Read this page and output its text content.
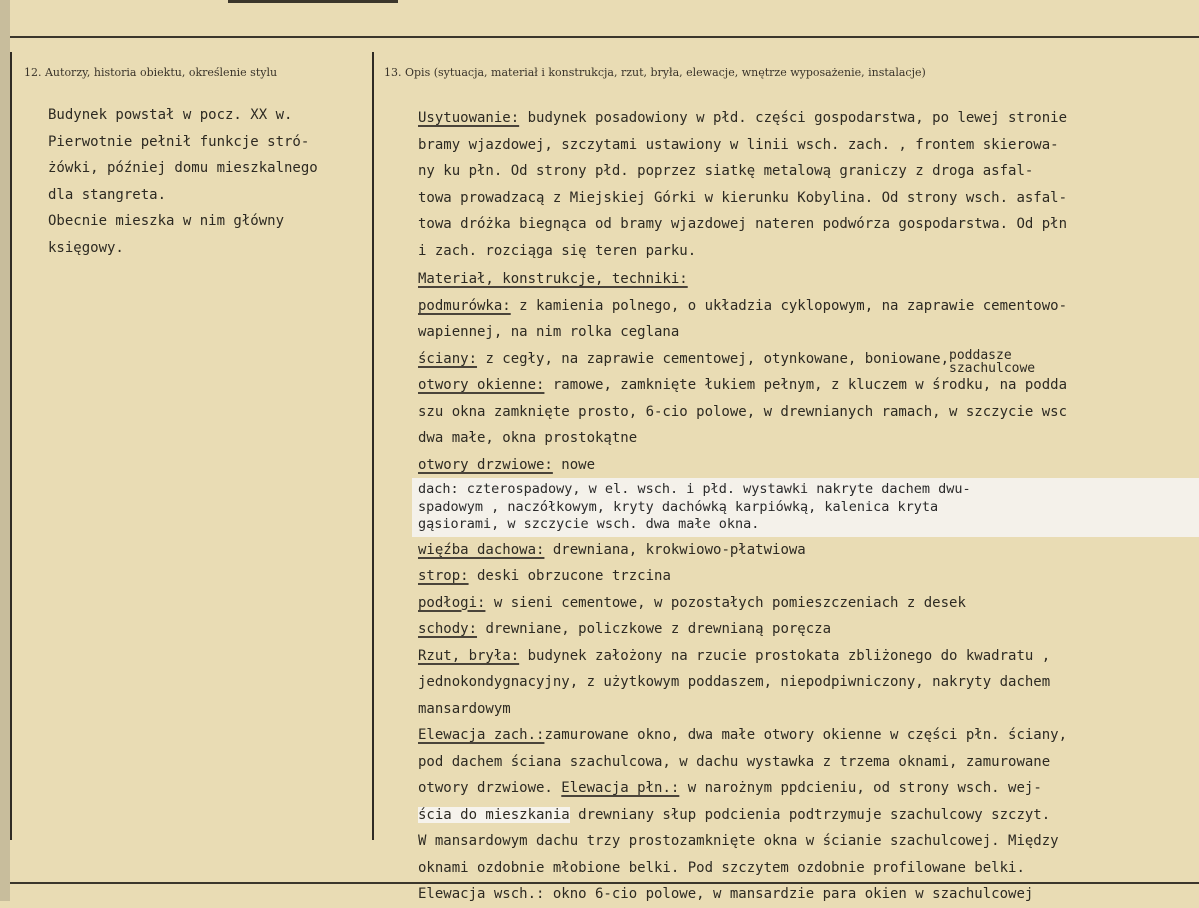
12. Autorzy, historia obiektu, określenie stylu	13. Opis (sytuacja, materiał i konstrukcja, rzut, bryła, elewacje, wnętrze wyposażenie, instalacje)
Budynek powstał w pocz. XX w.
Pierwotnie pełnił funkcje stró-
żówki, później domu mieszkalnego
dla stangreta.
Obecnie mieszka w nim główny
księgowy.
Usytuowanie: budynek posadowiony w płd. części gospodarstwa, po lewej stronie
bramy wjazdowej, szczytami ustawiony w linii wsch. zach. , frontem skierowa-
ny ku płn. Od strony płd. poprzez siatkę metalową graniczy z droga asfal-
towa prowadzacą z Miejskiej Górki w kierunku Kobylina. Od strony wsch. asfal-
towa dróżka biegnąca od bramy wjazdowej nateren podwórza gospodarstwa. Od płn
i zach. rozciąga się teren parku.
Materiał, konstrukcje, techniki:
podmurówka: z kamienia polnego, o układzia cyklopowym, na zaprawie cementowo-
wapiennej, na nim rolka ceglana
ściany: z cegły, na zaprawie cementowej, otynkowane, boniowane, poddasze
szachulcowe
otwory okienne: ramowe, zamknięte łukiem pełnym, z kluczem w środku, na podda
szu okna zamknięte prosto, 6-cio polowe, w drewnianych ramach, w szczycie wsc
dwa małe, okna prostokątne
otwory drzwiowe: nowe
dach: czterospadowy, w el. wsch. i płd. wystawki nakryte dachem dwu-
spadowym , naczółkowym, kryty dachówką karpiówką, kalenica kryta
gąsiorami, w szczycie wsch. dwa małe okna.
więźba dachowa: drewniana, krokwiowo-płatwiowa
strop: deski obrzucone trzcina
podłogi: w sieni cementowe, w pozostałych pomieszczeniach z desek
schody: drewniane, policzkowe z drewnianą poręcza
Rzut, bryła: budynek założony na rzucie prostokata zbliżonego do kwadratu ,
jednokondygnacyjny, z użytkowym poddaszem, niepodpiwniczony, nakryty dachem
mansardowym
Elewacja zach.:zamurowane okno, dwa małe otwory okienne w części płn. ściany,
pod dachem ściana szachulcowa, w dachu wystawka z trzema oknami, zamurowane
otwory drzwiowe. Elewacja płn.: w narożnym ppdcieniu, od strony wsch. wej-
ścia do mieszkania drewniany słup podcienia podtrzymuje szachulcowy szczyt.
W mansardowym dachu trzy prostozamknięte okna w ścianie szachulcowej. Między
oknami ozdobnie młobione belki. Pod szczytem ozdobnie profilowane belki.
Elewacja wsch.: okno 6-cio polowe, w mansardzie para okien w szachulcowej
